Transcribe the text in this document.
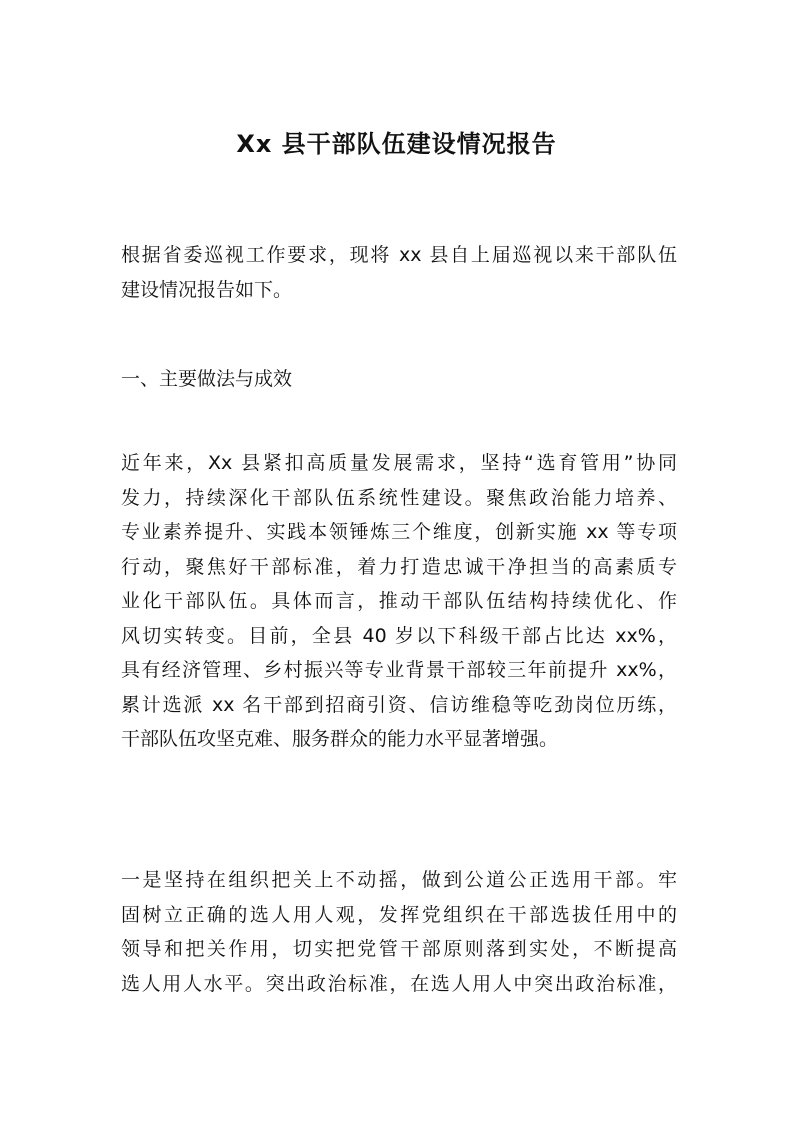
Xx 县干部队伍建设情况报告
根据省委巡视工作要求，现将 xx 县自上届巡视以来干部队伍
建设情况报告如下。
一、主要做法与成效
近年来，Xx 县紧扣高质量发展需求，坚持“选育管用”协同
发力，持续深化干部队伍系统性建设。聚焦政治能力培养、
专业素养提升、实践本领锤炼三个维度，创新实施 xx 等专项
行动，聚焦好干部标准，着力打造忠诚干净担当的高素质专
业化干部队伍。具体而言，推动干部队伍结构持续优化、作
风切实转变。目前，全县 40 岁以下科级干部占比达 xx%，
具有经济管理、乡村振兴等专业背景干部较三年前提升 xx%，
累计选派 xx 名干部到招商引资、信访维稳等吃劲岗位历练，
干部队伍攻坚克难、服务群众的能力水平显著增强。
一是坚持在组织把关上不动摇，做到公道公正选用干部。牢
固树立正确的选人用人观，发挥党组织在干部选拔任用中的
领导和把关作用，切实把党管干部原则落到实处，不断提高
选人用人水平。突出政治标准，在选人用人中突出政治标准，
